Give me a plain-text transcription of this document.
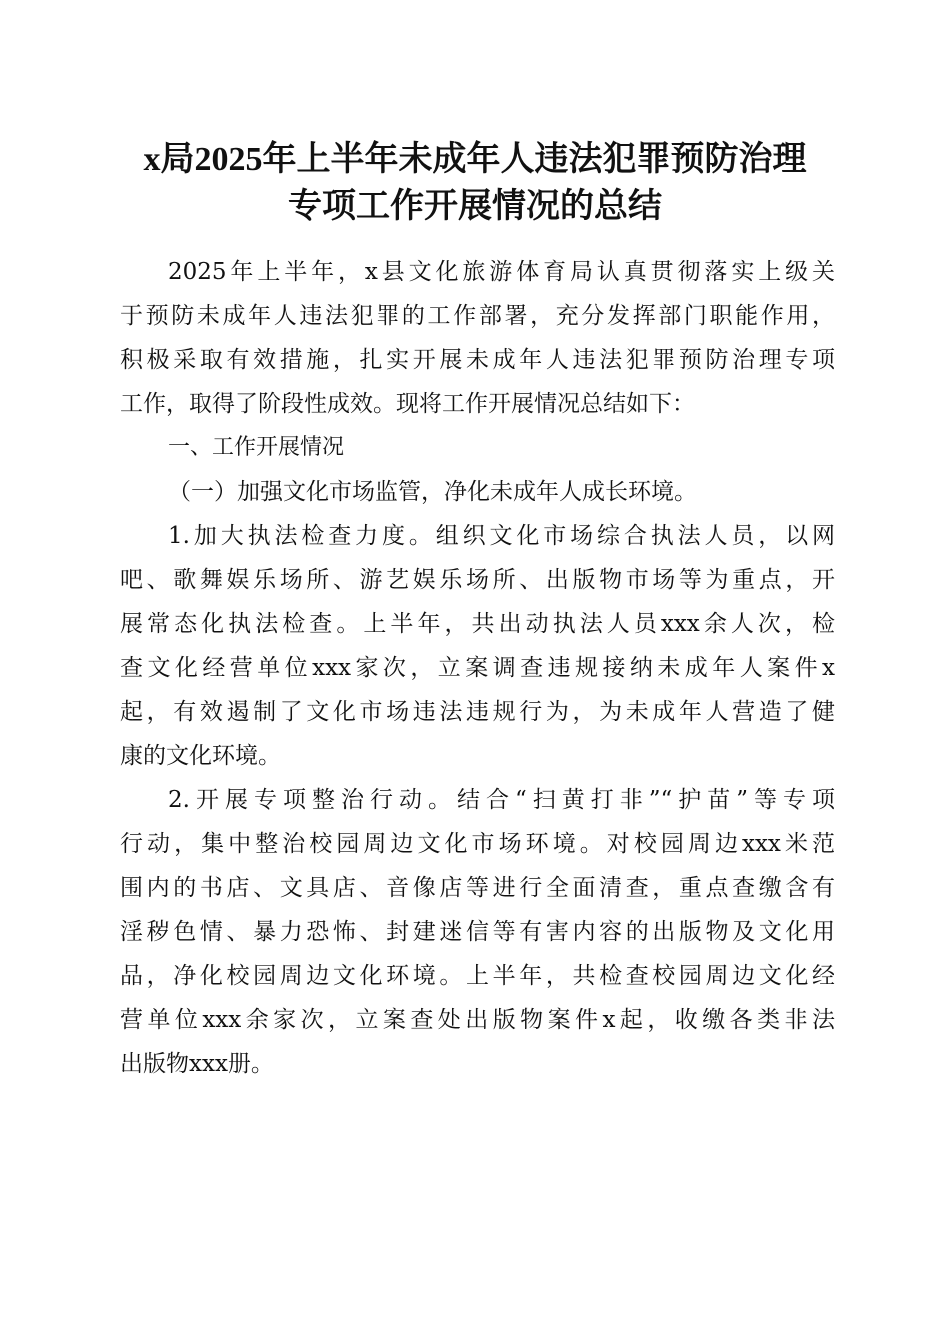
x局2025年上半年未成年人违法犯罪预防治理
专项工作开展情况的总结
2025年上半年，x县文化旅游体育局认真贯彻落实上级关
于预防未成年人违法犯罪的工作部署，充分发挥部门职能作用，
积极采取有效措施，扎实开展未成年人违法犯罪预防治理专项
工作，取得了阶段性成效。现将工作开展情况总结如下：
一、工作开展情况
（一）加强文化市场监管，净化未成年人成长环境。
1.加大执法检查力度。组织文化市场综合执法人员，以网
吧、歌舞娱乐场所、游艺娱乐场所、出版物市场等为重点，开
展常态化执法检查。上半年，共出动执法人员xxx余人次，检
查文化经营单位xxx家次，立案调查违规接纳未成年人案件x
起，有效遏制了文化市场违法违规行为，为未成年人营造了健
康的文化环境。
2.开展专项整治行动。结合“扫黄打非”“护苗”等专项
行动，集中整治校园周边文化市场环境。对校园周边xxx米范
围内的书店、文具店、音像店等进行全面清查，重点查缴含有
淫秽色情、暴力恐怖、封建迷信等有害内容的出版物及文化用
品，净化校园周边文化环境。上半年，共检查校园周边文化经
营单位xxx余家次，立案查处出版物案件x起，收缴各类非法
出版物xxx册。
